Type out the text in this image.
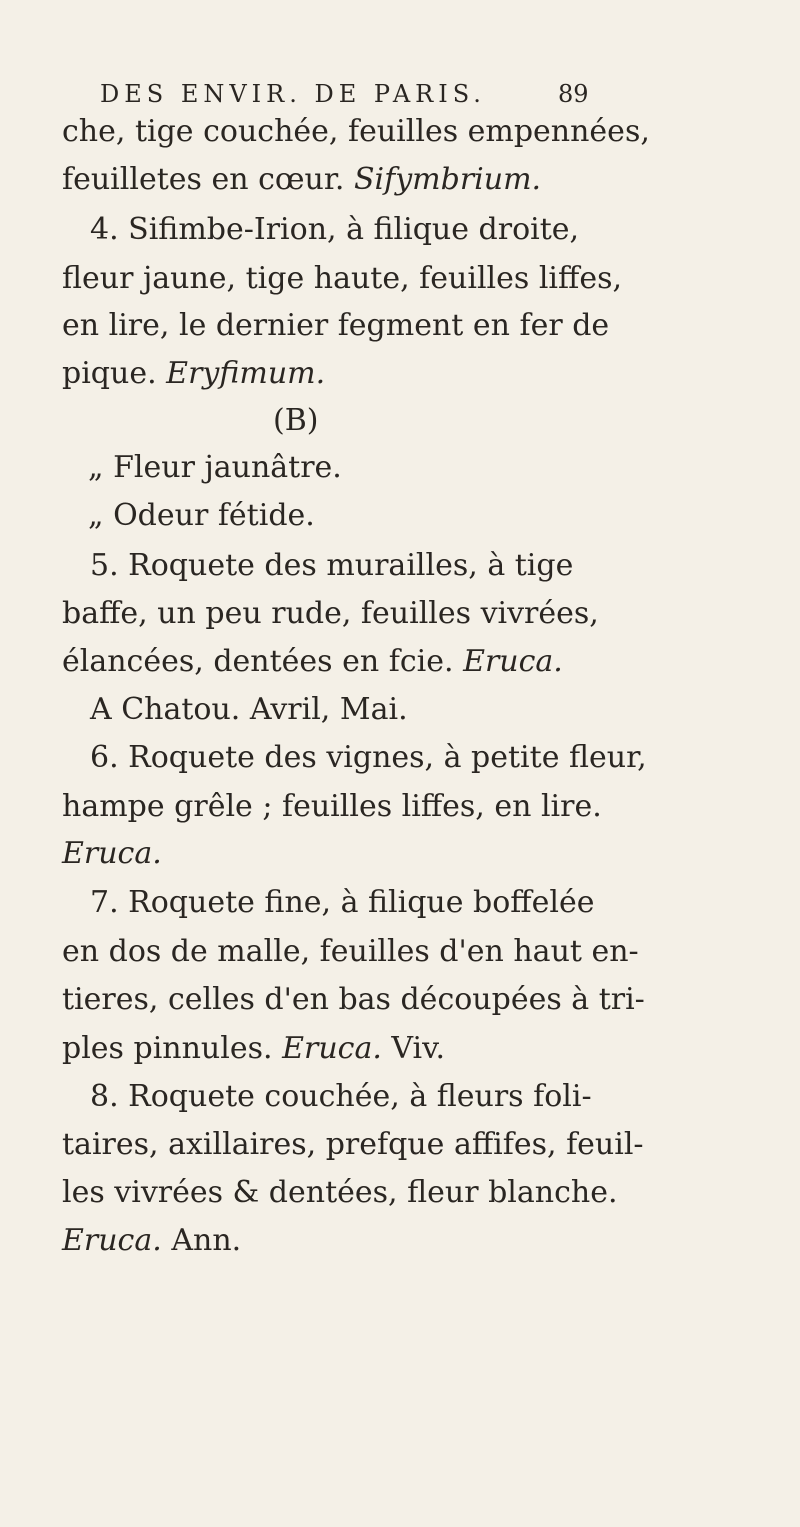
DES ENVIR. DE PARIS.	89
che, tige couchée, feuilles empennées,
feuilletes en cœur. Sifymbrium.
4. Sifimbe-Irion, à filique droite,
fleur jaune, tige haute, feuilles liffes,
en lire, le dernier fegment en fer de
pique. Eryfimum.
(B)
„ Fleur jaunâtre.
„ Odeur fétide.
5. Roquete des murailles, à tige
baffe, un peu rude, feuilles vivrées,
élancées, dentées en fcie. Eruca.
A Chatou. Avril, Mai.
6. Roquete des vignes, à petite fleur,
hampe grêle ; feuilles liffes, en lire.
Eruca.
7. Roquete fine, à filique boffelée
en dos de malle, feuilles d'en haut en-
tieres, celles d'en bas découpées à tri-
ples pinnules. Eruca. Viv.
8. Roquete couchée, à fleurs foli-
taires, axillaires, prefque affifes, feuil-
les vivrées & dentées, fleur blanche.
Eruca. Ann.
